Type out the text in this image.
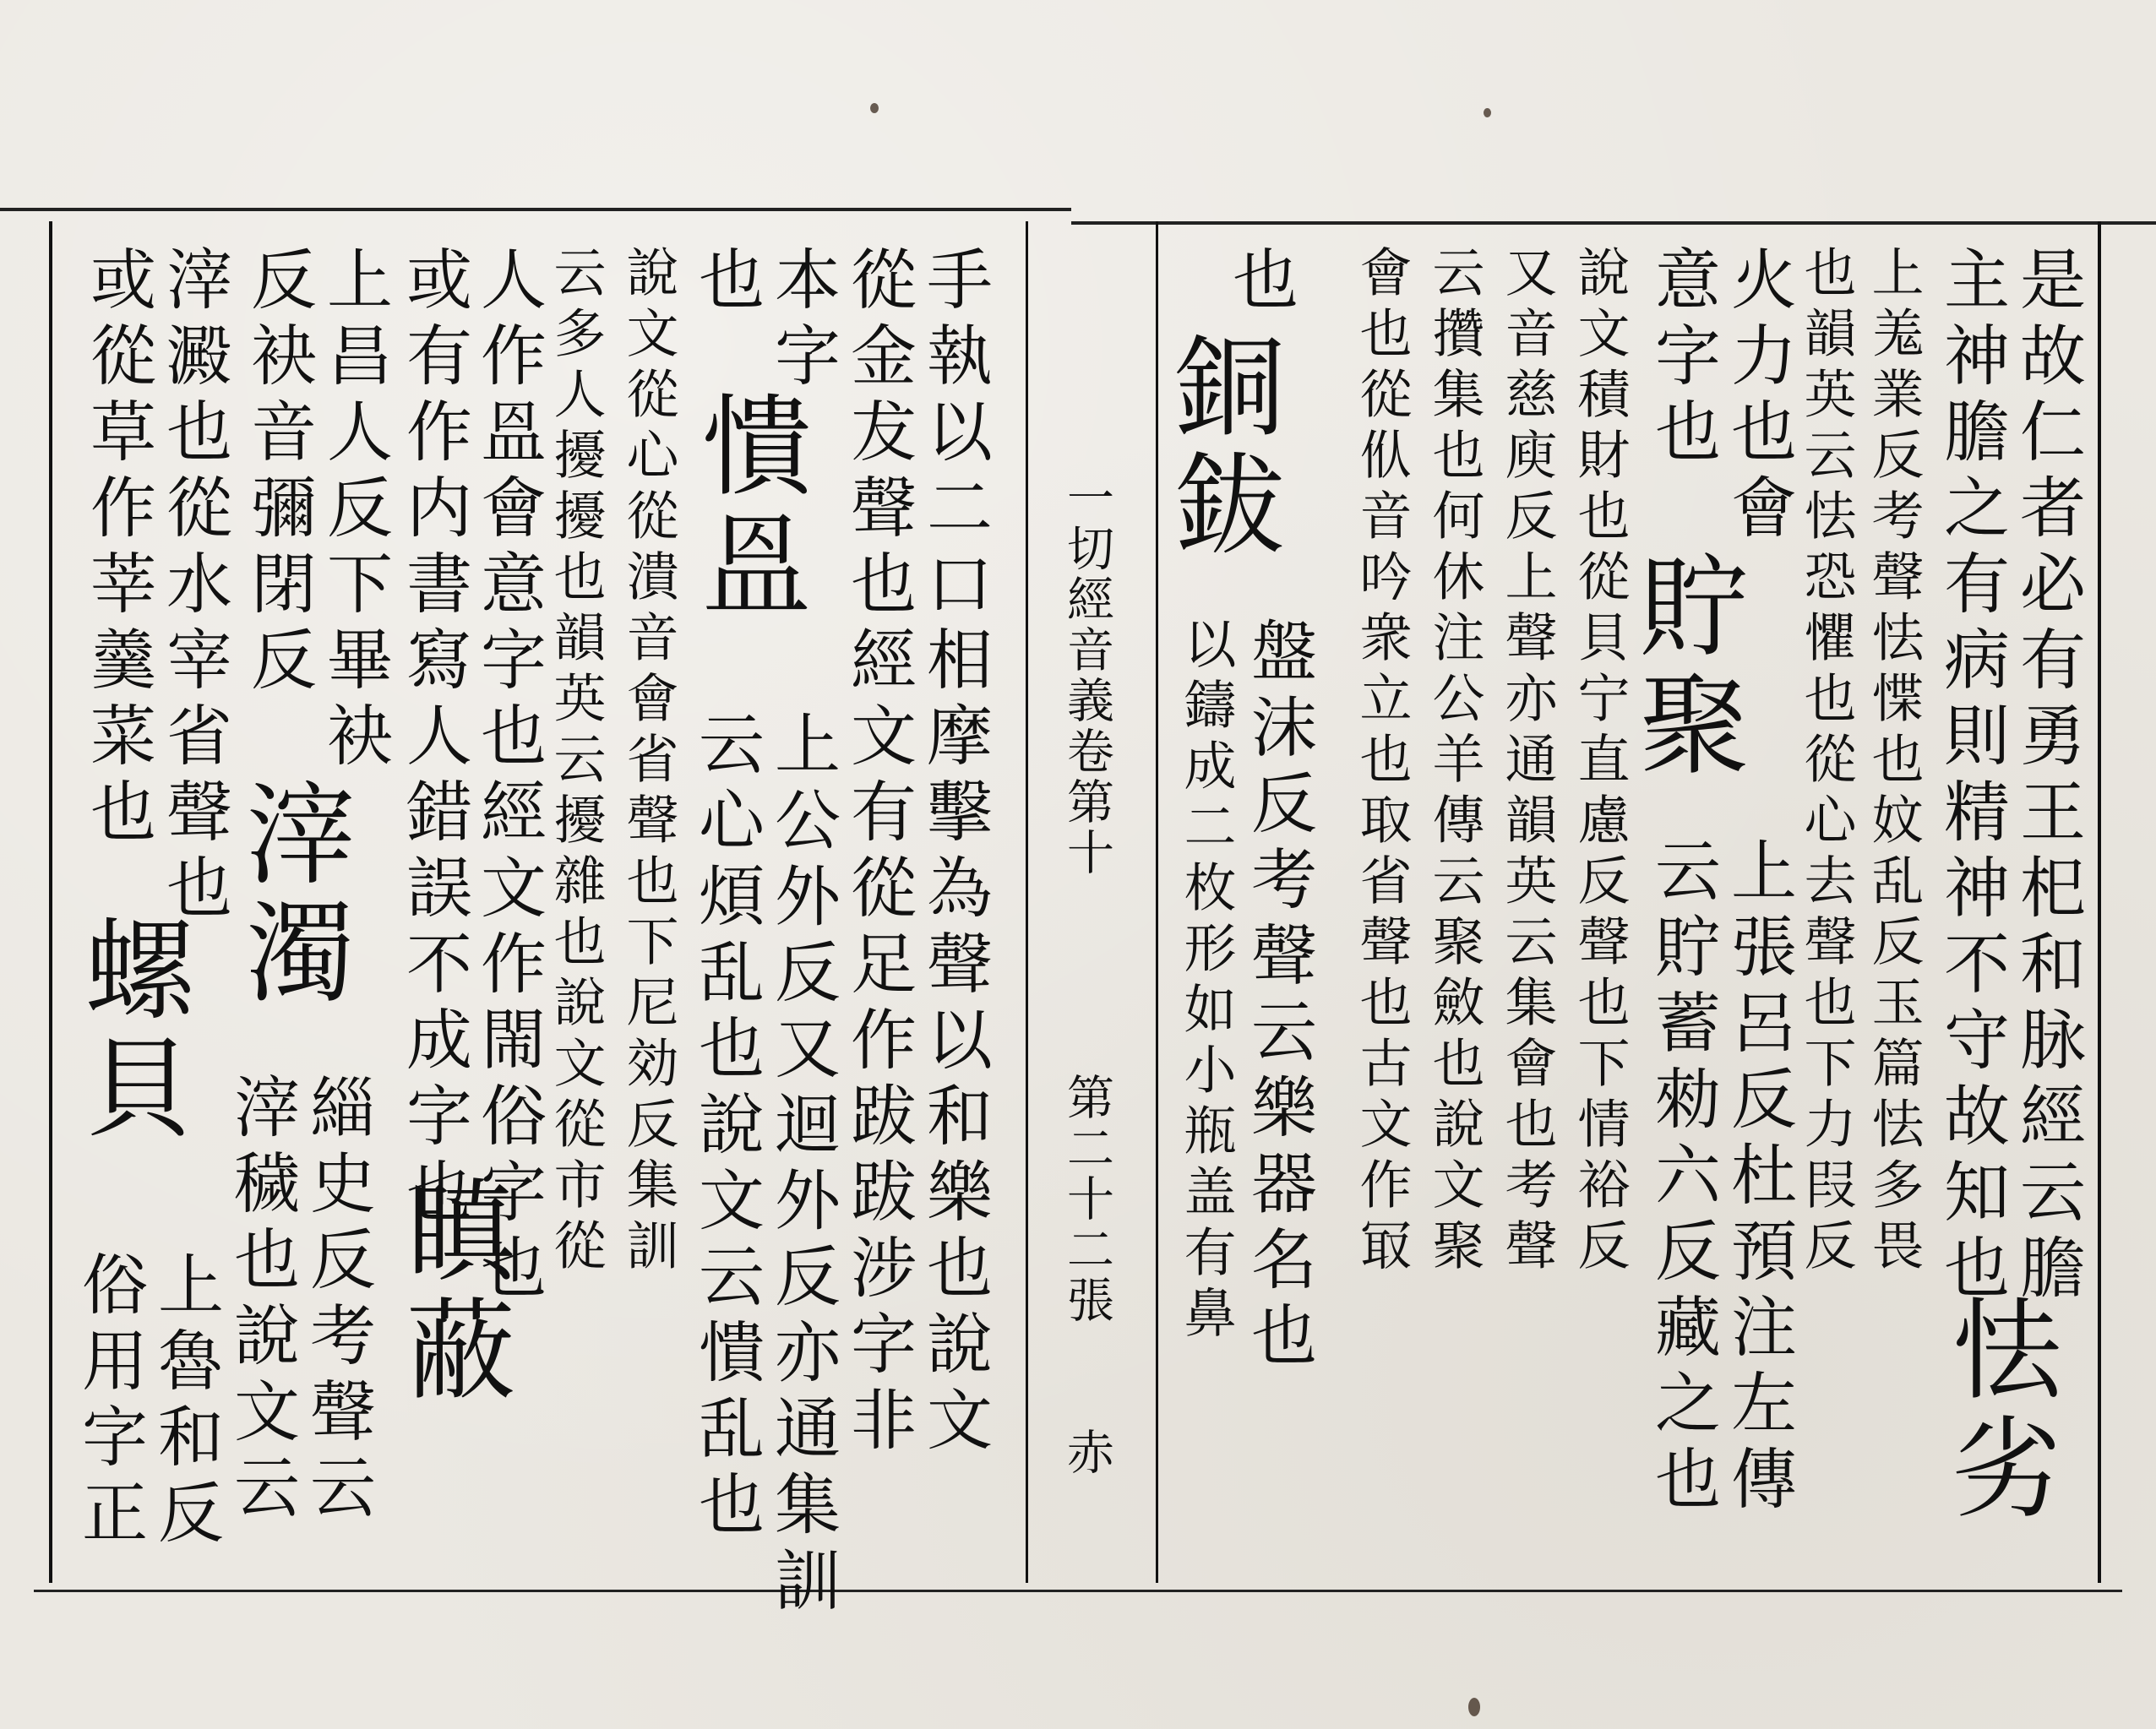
是故仁者必有勇王𣏌和脉經云膽
主神膽之有病則精神不守故知也
上羗業反考聲怯惵也妏乱反玉篇怯多畏
也韻英云怯恐懼也從心去聲也下力叚反
怯劣
火力也會
意字也
貯聚
上張呂反杜預注左傳
云貯蓄勑六反藏之也
說文積財也從貝宁直慮反聲也下情裕反
又音慈庾反上聲亦通韻英云集會也考聲
云攢集也何休注公羊傳云聚斂也說文聚
會也從㐺音吟衆立也取省聲也古文作冣
也
銅鈸
盤沫反考聲云樂器名也
以鑄成二枚形如小瓶盖有鼻
一切經音義卷第十
第二十二張
赤
手執以二口相摩擊為聲以和樂也說文
從金犮聲也經文有從足作跋跋涉字非
本字
也
憒𥁕
上公外反又迴外反亦通集訓
云心煩乱也說文云憒乱也
說文從心從潰音會省聲也下尼効反集訓
云多人擾擾也韻英云擾雜也說文從市從
人作𥁕會意字也經文作閙俗字也
或有作内書寫人錯誤不成字也
瞋蔽
上昌人反下畢袂
反袂音彌閉反
滓濁
緇史反考聲云
滓穢也說文云
滓澱也從水宰省聲也
或從草作莘羹菜也
螺貝
上魯和反
俗用字正
